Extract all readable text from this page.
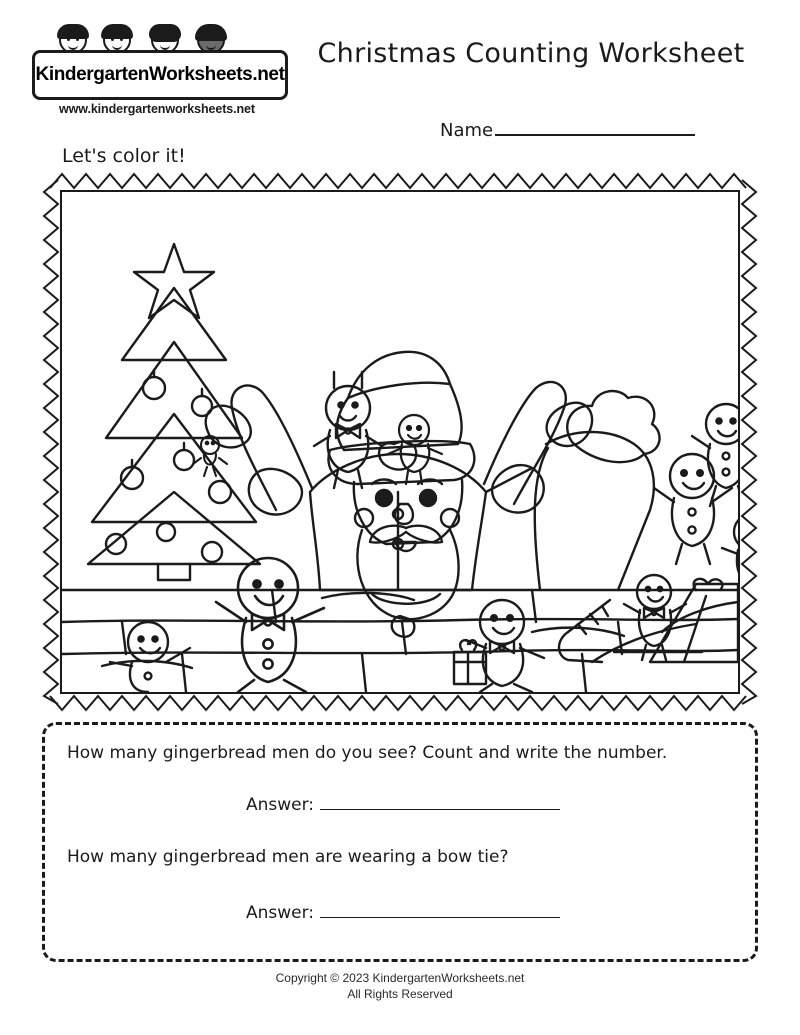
KindergartenWorksheets.net
www.kindergartenworksheets.net
Christmas Counting Worksheet
Name
Let's color it!
How many gingerbread men do you see? Count and write the number.
Answer:
How many gingerbread men are wearing a bow tie?
Answer:
Copyright © 2023 KindergartenWorksheets.net
All Rights Reserved
